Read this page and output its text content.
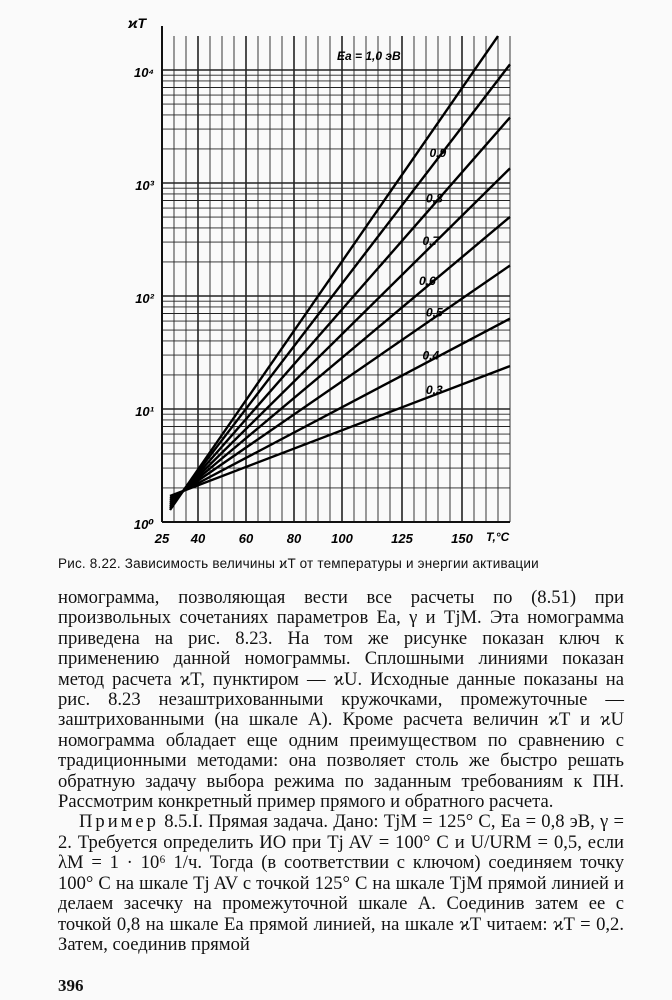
0,9
0,8
0,7
0,6
0,5
0,4
0,3
Ea = 1,0 эВ
25 40	60	80 100	125	150 T,°C
10⁰
10¹
10²
10³
10⁴
ϰT
Рис. 8.22. Зависимость величины ϰT от температуры и энергии активации

номограмма, позволяющая вести все расчеты по (8.51) при произвольных сочетаниях параметров Ea, γ и TjM. Эта номограмма приведена на рис. 8.23. На том же рисунке показан ключ к применению данной номограммы. Сплошными линиями показан метод расчета ϰT, пунктиром — ϰU. Исходные данные показаны на рис. 8.23 незаштрихованными кружочками, промежуточные — заштрихованными (на шкале A). Кроме расчета величин ϰT и ϰU номограмма обладает еще одним преимуществом по сравнению с традиционными методами: она позволяет столь же быстро решать обратную задачу выбора режима по заданным требованиям к ПН. Рассмотрим конкретный пример прямого и обратного расчета.

Пример 8.5.I. Прямая задача. Дано: TjM = 125° C, Ea = 0,8 эВ, γ = 2. Требуется определить ИО при Tj AV = 100° C и U/URM = 0,5, если λM = 1 · 10⁶ 1/ч. Тогда (в соответствии с ключом) соединяем точку 100° C на шкале Tj AV с точкой 125° C на шкале TjM прямой линией и делаем засечку на промежуточной шкале A. Соединив затем ее с точкой 0,8 на шкале Ea прямой линией, на шкале ϰT читаем: ϰT = 0,2. Затем, соединив прямой

396
